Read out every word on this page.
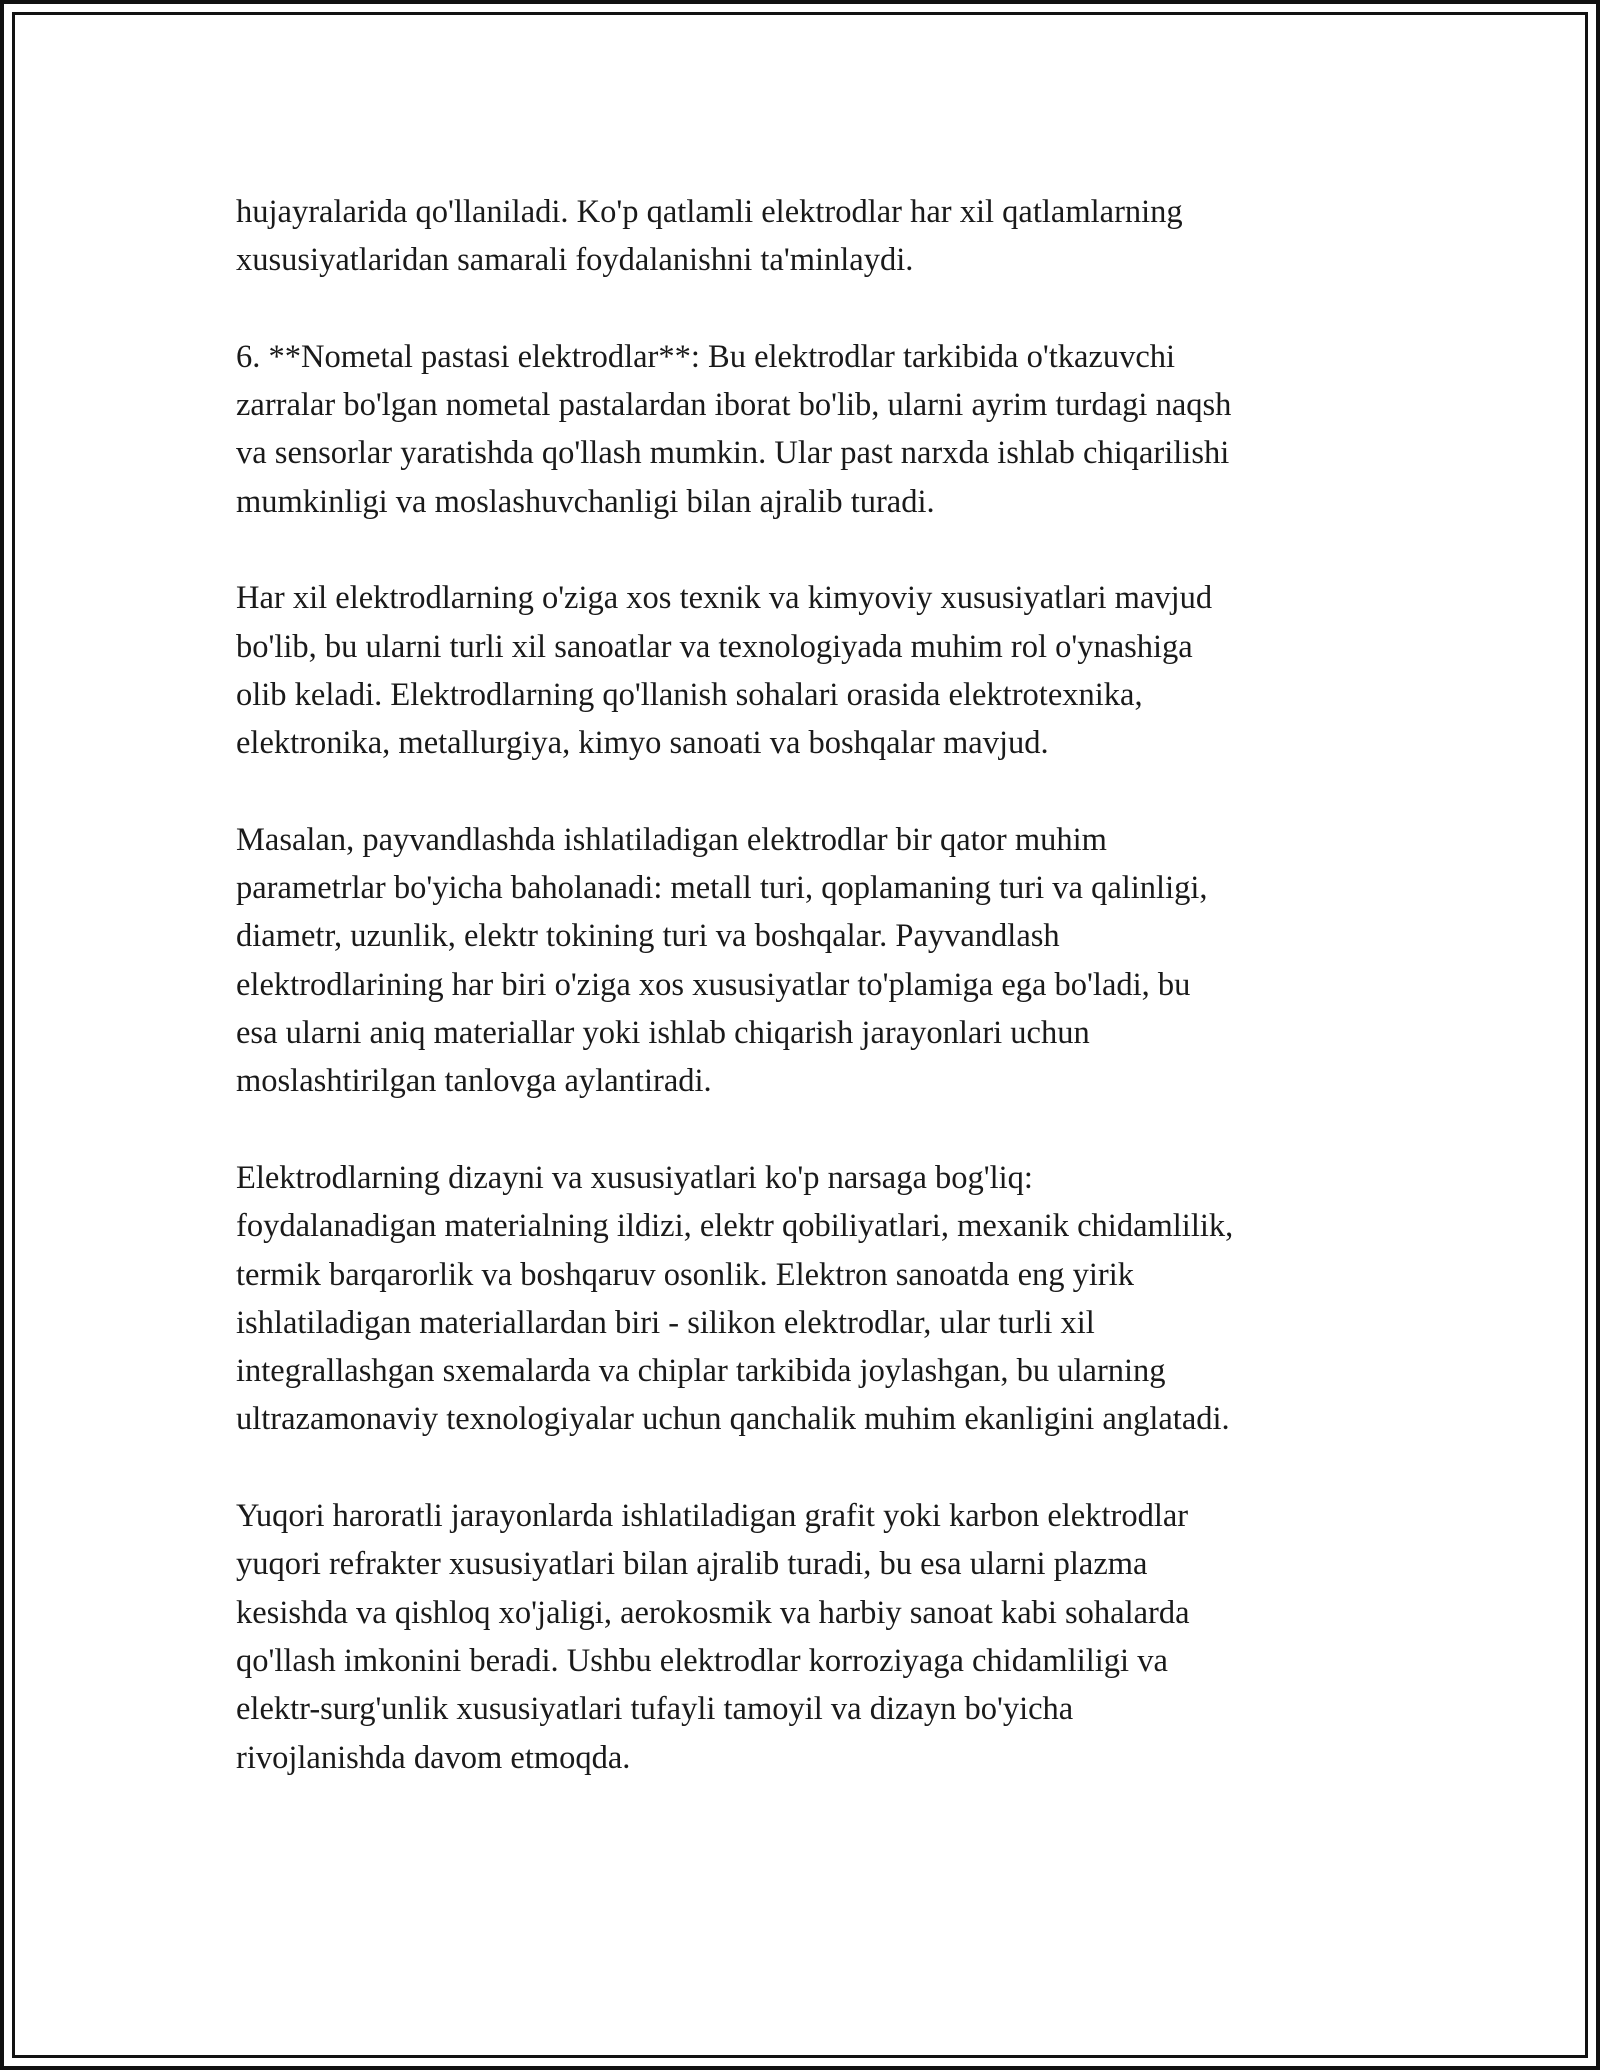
hujayralarida qo'llaniladi. Ko'p qatlamli elektrodlar har xil qatlamlarning
xususiyatlaridan samarali foydalanishni ta'minlaydi.

6. **Nometal pastasi elektrodlar**: Bu elektrodlar tarkibida o'tkazuvchi
zarralar bo'lgan nometal pastalardan iborat bo'lib, ularni ayrim turdagi naqsh
va sensorlar yaratishda qo'llash mumkin. Ular past narxda ishlab chiqarilishi
mumkinligi va moslashuvchanligi bilan ajralib turadi.

Har xil elektrodlarning o'ziga xos texnik va kimyoviy xususiyatlari mavjud
bo'lib, bu ularni turli xil sanoatlar va texnologiyada muhim rol o'ynashiga
olib keladi. Elektrodlarning qo'llanish sohalari orasida elektrotexnika,
elektronika, metallurgiya, kimyo sanoati va boshqalar mavjud.

Masalan, payvandlashda ishlatiladigan elektrodlar bir qator muhim
parametrlar bo'yicha baholanadi: metall turi, qoplamaning turi va qalinligi,
diametr, uzunlik, elektr tokining turi va boshqalar. Payvandlash
elektrodlarining har biri o'ziga xos xususiyatlar to'plamiga ega bo'ladi, bu
esa ularni aniq materiallar yoki ishlab chiqarish jarayonlari uchun
moslashtirilgan tanlovga aylantiradi.

Elektrodlarning dizayni va xususiyatlari ko'p narsaga bog'liq:
foydalanadigan materialning ildizi, elektr qobiliyatlari, mexanik chidamlilik,
termik barqarorlik va boshqaruv osonlik. Elektron sanoatda eng yirik
ishlatiladigan materiallardan biri - silikon elektrodlar, ular turli xil
integrallashgan sxemalarda va chiplar tarkibida joylashgan, bu ularning
ultrazamonaviy texnologiyalar uchun qanchalik muhim ekanligini anglatadi.

Yuqori haroratli jarayonlarda ishlatiladigan grafit yoki karbon elektrodlar
yuqori refrakter xususiyatlari bilan ajralib turadi, bu esa ularni plazma
kesishda va qishloq xo'jaligi, aerokosmik va harbiy sanoat kabi sohalarda
qo'llash imkonini beradi. Ushbu elektrodlar korroziyaga chidamliligi va
elektr-surg'unlik xususiyatlari tufayli tamoyil va dizayn bo'yicha
rivojlanishda davom etmoqda.
